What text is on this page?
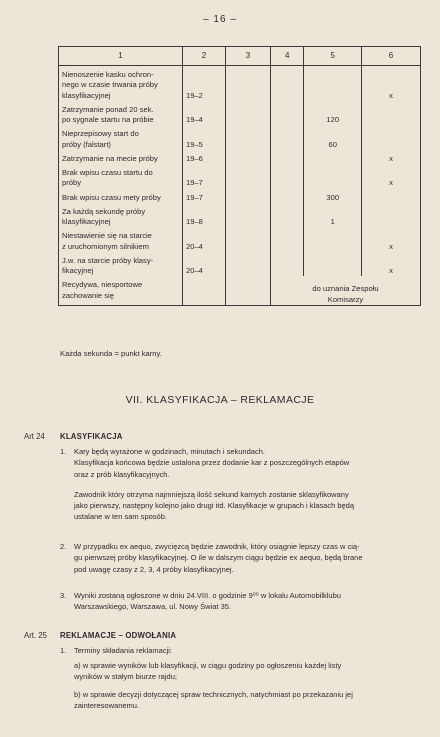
– 16 –
1	2	3	4	5	6
Nienoszenie kasku ochron-
nego w czasie trwania próby
klasyfikacyjnej	19–2				x
Zatrzymanie ponad 20 sek.
po sygnale startu na próbie	19–4			120	
Nieprzepisowy start do
próby (falstart)	19–5			60	
Zatrzymanie na mecie próby	19–6				x
Brak wpisu czasu startu do
próby	19–7				x
Brak wpisu czasu mety próby	19–7			300	
Za każdą sekundę próby
klasyfikacyjnej	19–8			1	
Niestawienie się na starcie
z uruchomionym silnikiem	20–4				x
J.w. na starcie próby klasy-
fikacyjnej	20–4				x
Recydywa, niesportowe
zachowanie się			do uznania Zespołu
Komisarzy		
Każda sekunda = punkt karny.
VII. KLASYFIKACJA – REKLAMACJE
Art 24 KLASYFIKACJA
1. Kary będą wyrażone w godzinach, minutach i sekundach.
Klasyfikacja końcowa będzie ustalona przez dodanie kar z poszczególnych etapów
oraz z prób klasyfikacyjnych.

Zawodnik który otrzyma najmniejszą ilość sekund karnych zostanie sklasyfikowany
jako pierwszy, następny kolejno jako drugi itd. Klasyfikacje w grupach i klasach będą
ustalane w ten sam sposób.

2. W przypadku ex aequo, zwycięzcą będzie zawodnik, który osiągnie lepszy czas w cią-
gu pierwszej próby klasyfikacyjnej. O ile w dalszym ciągu będzie ex aequo, będą brane
pod uwagę czasy z 2, 3, 4 próby klasyfikacyjnej.

3. Wyniki zostaną ogłoszone w dniu 24.VIII. o godzinie 9⁰⁰ w lokalu Automobilklubu
Warszawskiego, Warszawa, ul. Nowy Świat 35.

Art. 25 REKLAMACJE – ODWOŁANIA
1. Terminy składania reklamacji:
a) w sprawie wyników lub klasyfikacji, w ciągu godziny po ogłoszeniu każdej listy
wyników w stałym biurze rajdu;
b) w sprawie decyzji dotyczącej spraw technicznych, natychmiast po przekazaniu jej
zainteresowanemu.
